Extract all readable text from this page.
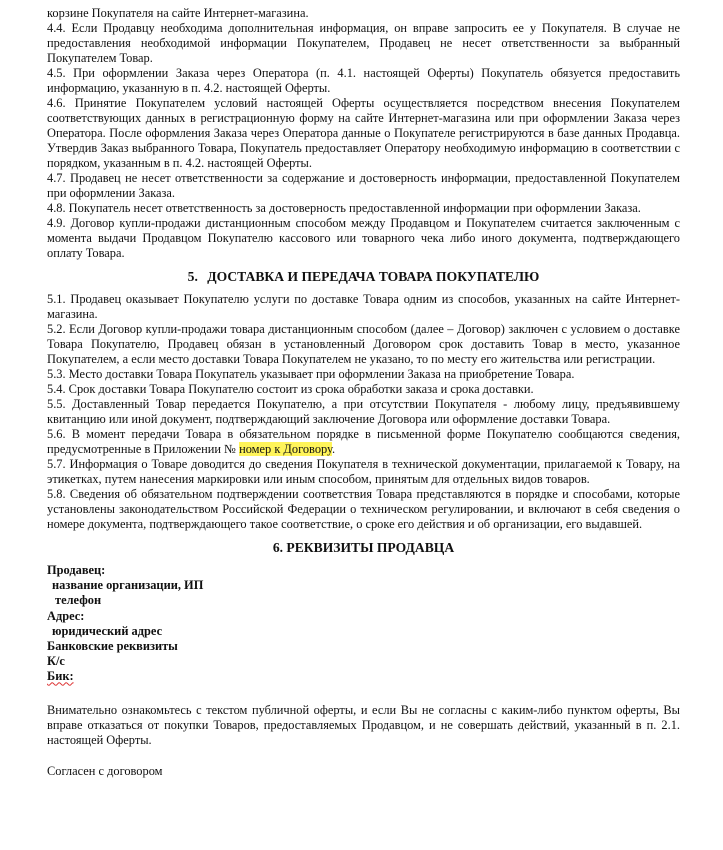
корзине Покупателя на сайте Интернет-магазина.

4.4. Если Продавцу необходима дополнительная информация, он вправе запросить ее у Покупателя. В случае не предоставления необходимой информации Покупателем, Продавец не несет ответственности за выбранный Покупателем Товар.

4.5. При оформлении Заказа через Оператора (п. 4.1. настоящей Оферты) Покупатель обязуется предоставить информацию, указанную в п. 4.2. настоящей Оферты.

4.6. Принятие Покупателем условий настоящей Оферты осуществляется посредством внесения Покупателем соответствующих данных в регистрационную форму на сайте Интернет-магазина или при оформлении Заказа через Оператора. После оформления Заказа через Оператора данные о Покупателе регистрируются в базе данных Продавца. Утвердив Заказ выбранного Товара, Покупатель предоставляет Оператору необходимую информацию в соответствии с порядком, указанным в п. 4.2. настоящей Оферты.

4.7. Продавец не несет ответственности за содержание и достоверность информации, предоставленной Покупателем при оформлении Заказа.

4.8. Покупатель несет ответственность за достоверность предоставленной информации при оформлении Заказа.

4.9. Договор купли-продажи дистанционным способом между Продавцом и Покупателем считается заключенным с момента выдачи Продавцом Покупателю кассового или товарного чека либо иного документа, подтверждающего оплату Товара.

5. ДОСТАВКА И ПЕРЕДАЧА ТОВАРА ПОКУПАТЕЛЮ

5.1. Продавец оказывает Покупателю услуги по доставке Товара одним из способов, указанных на сайте Интернет-магазина.

5.2. Если Договор купли-продажи товара дистанционным способом (далее – Договор) заключен с условием о доставке Товара Покупателю, Продавец обязан в установленный Договором срок доставить Товар в место, указанное Покупателем, а если место доставки Товара Покупателем не указано, то по месту его жительства или регистрации.

5.3. Место доставки Товара Покупатель указывает при оформлении Заказа на приобретение Товара.

5.4. Срок доставки Товара Покупателю состоит из срока обработки заказа и срока доставки.

5.5. Доставленный Товар передается Покупателю, а при отсутствии Покупателя - любому лицу, предъявившему квитанцию или иной документ, подтверждающий заключение Договора или оформление доставки Товара.

5.6. В момент передачи Товара в обязательном порядке в письменной форме Покупателю сообщаются сведения, предусмотренные в Приложении № номер к Договору.

5.7. Информация о Товаре доводится до сведения Покупателя в технической документации, прилагаемой к Товару, на этикетках, путем нанесения маркировки или иным способом, принятым для отдельных видов товаров.

5.8. Сведения об обязательном подтверждении соответствия Товара представляются в порядке и способами, которые установлены законодательством Российской Федерации о техническом регулировании, и включают в себя сведения о номере документа, подтверждающего такое соответствие, о сроке его действия и об организации, его выдавшей.

6. РЕКВИЗИТЫ ПРОДАВЦА
Продавец:
название организации, ИП
телефон
Адрес:
юридический адрес
Банковские реквизиты
К/с
Бик:

Внимательно ознакомьтесь с текстом публичной оферты, и если Вы не согласны с каким-либо пунктом оферты, Вы вправе отказаться от покупки Товаров, предоставляемых Продавцом, и не совершать действий, указанный в п. 2.1. настоящей Оферты.

Согласен с договором
